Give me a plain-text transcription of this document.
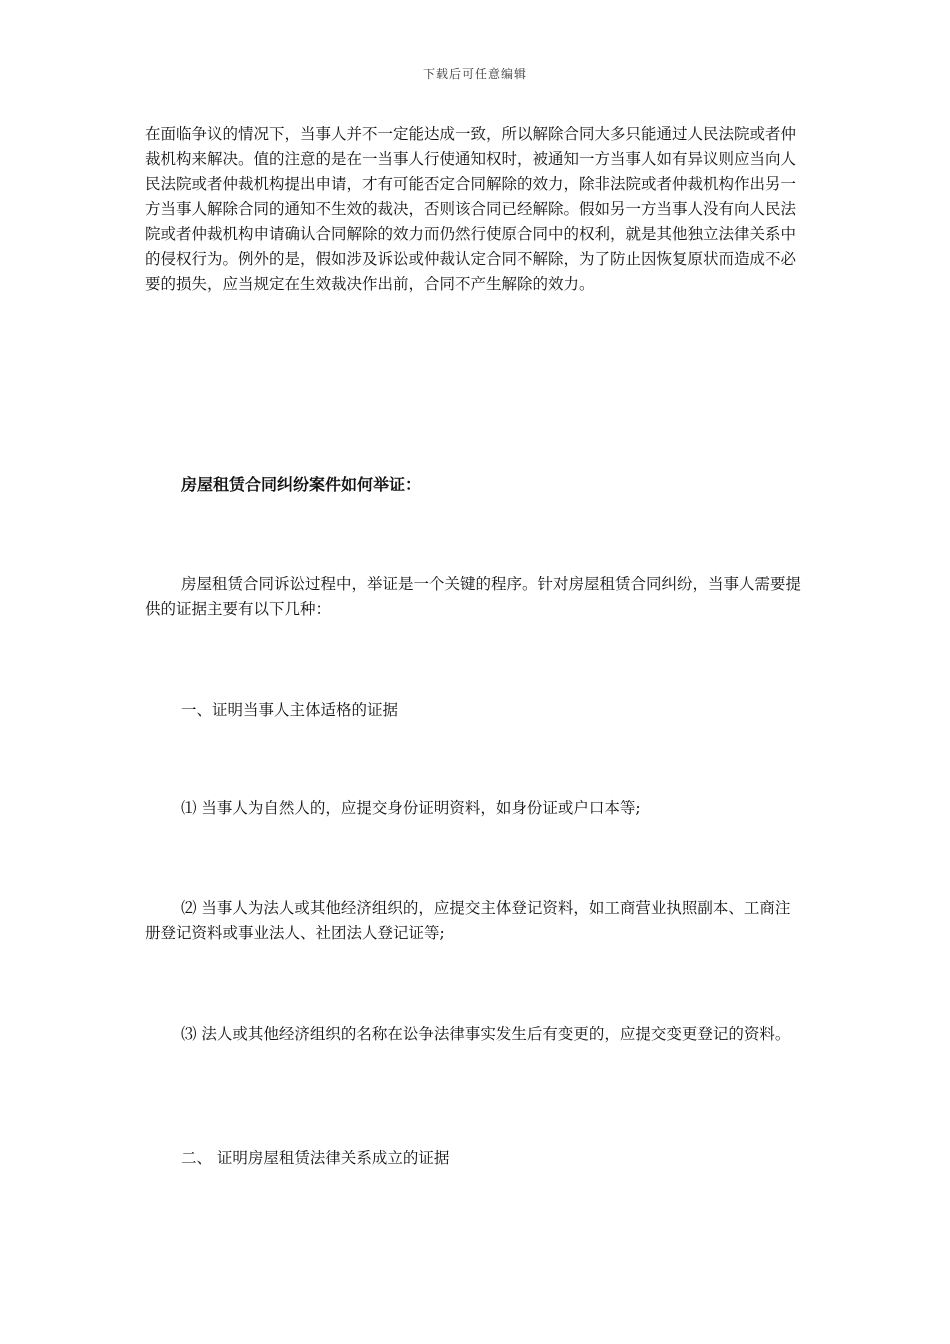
下载后可任意编辑
在面临争议的情况下，当事人并不一定能达成一致，所以解除合同大多只能通过人民法院或者仲裁机构来解决。值的注意的是在一当事人行使通知权时，被通知一方当事人如有异议则应当向人民法院或者仲裁机构提出申请，才有可能否定合同解除的效力，除非法院或者仲裁机构作出另一方当事人解除合同的通知不生效的裁决，否则该合同已经解除。假如另一方当事人没有向人民法院或者仲裁机构申请确认合同解除的效力而仍然行使原合同中的权利，就是其他独立法律关系中的侵权行为。例外的是，假如涉及诉讼或仲裁认定合同不解除，为了防止因恢复原状而造成不必要的损失，应当规定在生效裁决作出前，合同不产生解除的效力。
房屋租赁合同纠纷案件如何举证：
房屋租赁合同诉讼过程中，举证是一个关键的程序。针对房屋租赁合同纠纷，当事人需要提供的证据主要有以下几种：
一、证明当事人主体适格的证据
⑴ 当事人为自然人的，应提交身份证明资料，如身份证或户口本等;
⑵ 当事人为法人或其他经济组织的，应提交主体登记资料，如工商营业执照副本、工商注册登记资料或事业法人、社团法人登记证等;
⑶ 法人或其他经济组织的名称在讼争法律事实发生后有变更的，应提交变更登记的资料。
二、 证明房屋租赁法律关系成立的证据
